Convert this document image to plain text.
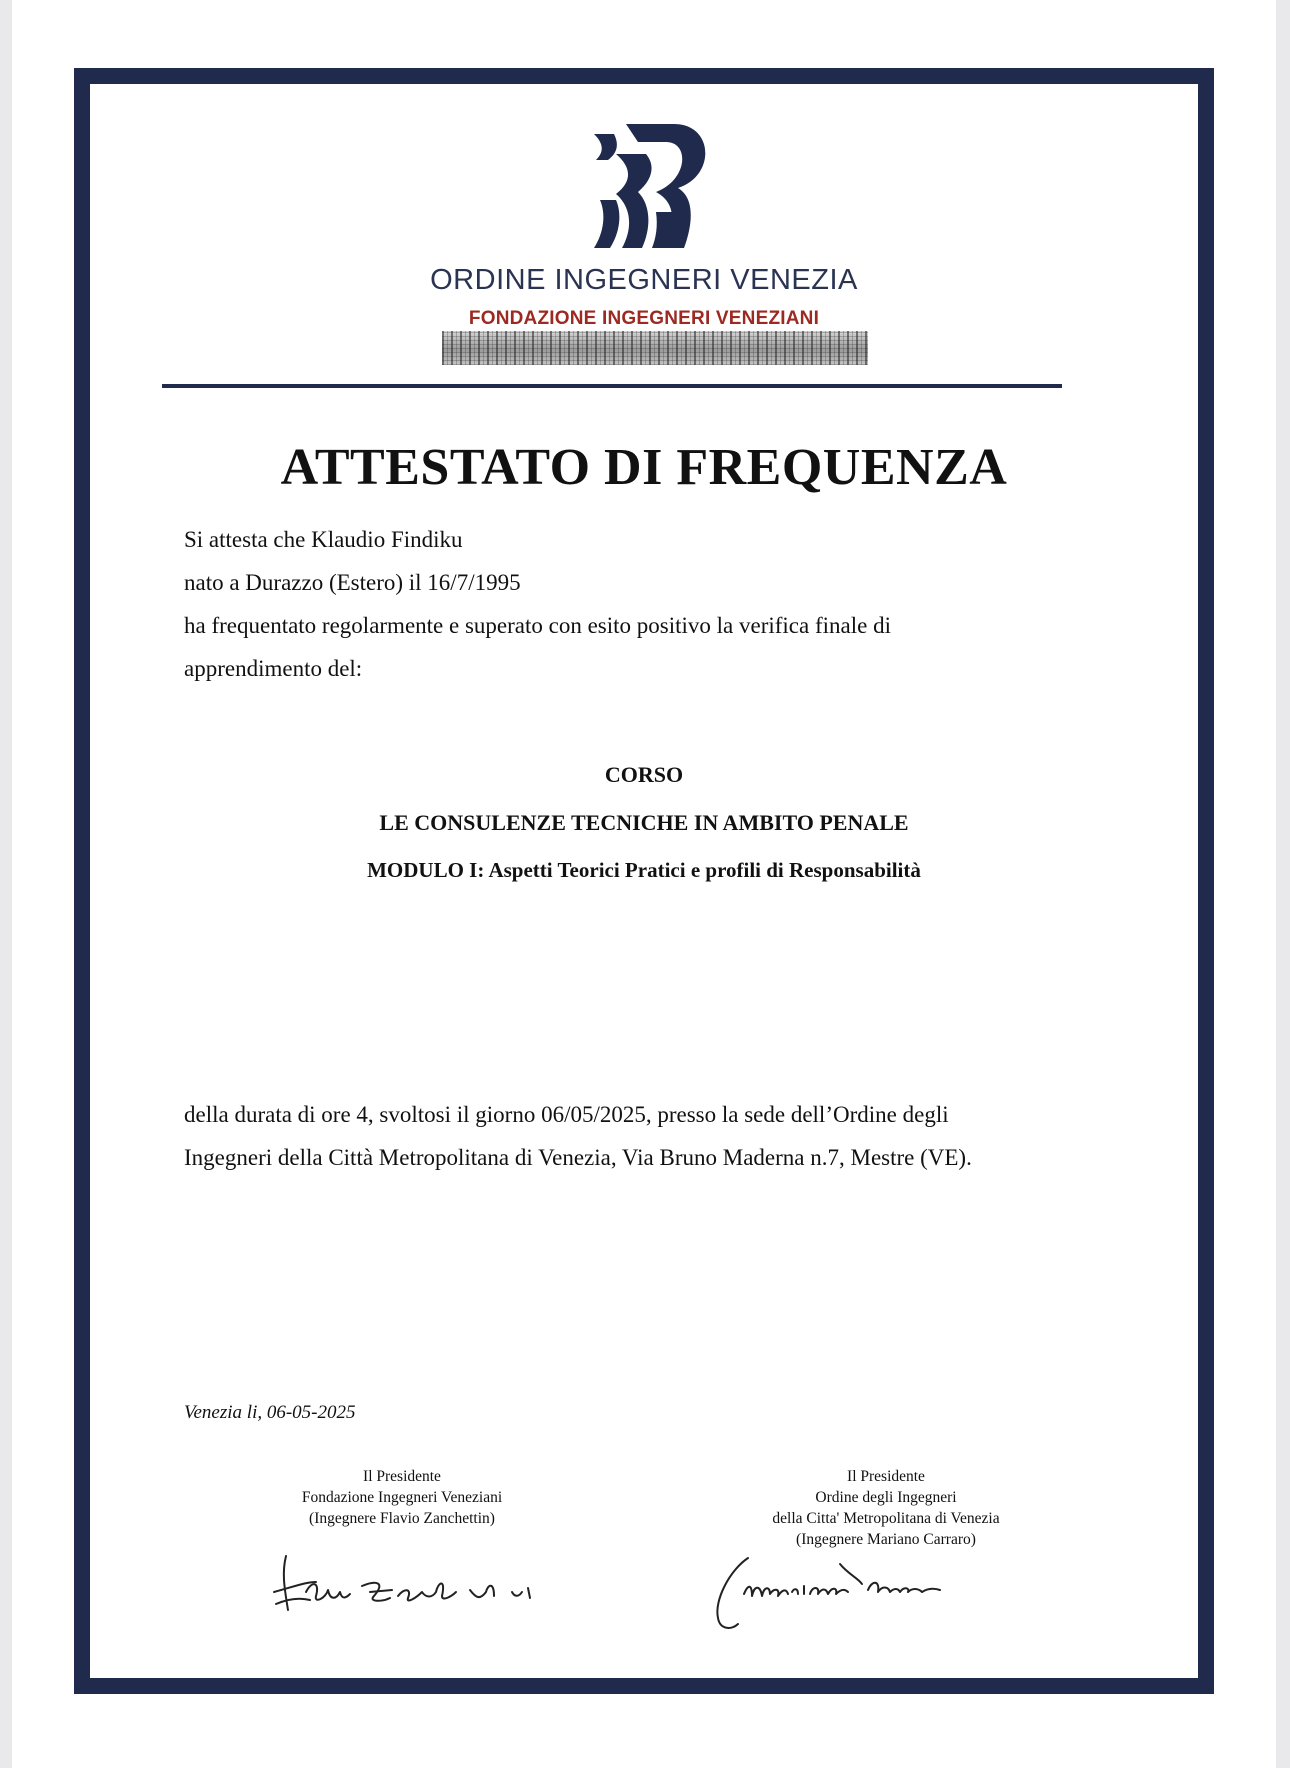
ORDINE INGEGNERI VENEZIA
FONDAZIONE INGEGNERI VENEZIANI
ATTESTATO DI FREQUENZA
Si attesta che Klaudio Findiku
nato a Durazzo (Estero) il 16/7/1995
ha frequentato regolarmente e superato con esito positivo la verifica finale di
apprendimento del:
CORSO
LE CONSULENZE TECNICHE IN AMBITO PENALE
MODULO I: Aspetti Teorici Pratici e profili di Responsabilità
della durata di ore 4, svoltosi il giorno 06/05/2025, presso la sede dell’Ordine degli
Ingegneri della Città Metropolitana di Venezia, Via Bruno Maderna n.7, Mestre (VE).
Venezia li, 06-05-2025
Il Presidente
Fondazione Ingegneri Veneziani
(Ingegnere Flavio Zanchettin)
Il Presidente
Ordine degli Ingegneri
della Citta' Metropolitana di Venezia
(Ingegnere Mariano Carraro)
